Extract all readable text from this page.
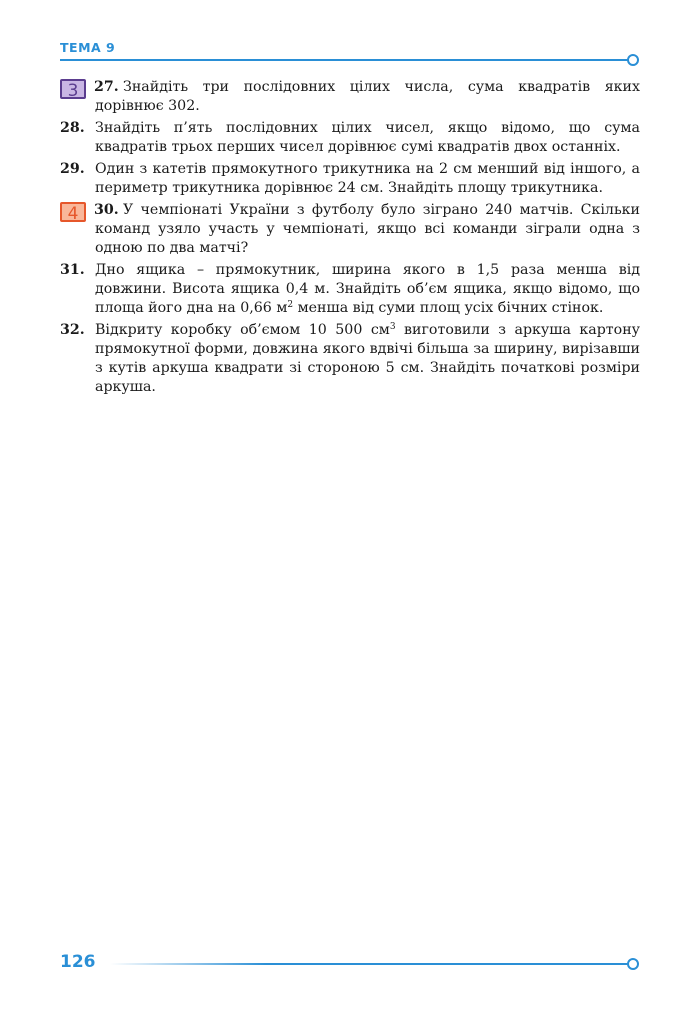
ТЕМА 9
3	27. Знайдіть три послідовних цілих числа, сума квадратів яких дорівнює 302.
28. Знайдіть п’ять послідовних цілих чисел, якщо відомо, що сума квадратів трьох перших чисел дорівнює сумі квадратів двох останніх.
29. Один з катетів прямокутного трикутника на 2 см менший від іншого, а периметр трикутника дорівнює 24 см. Знайдіть площу трикутника.
4	30. У чемпіонаті України з футболу було зіграно 240 матчів. Скільки команд узяло участь у чемпіонаті, якщо всі команди зіграли одна з одною по два матчі?
31. Дно ящика – прямокутник, ширина якого в 1,5 раза менша від довжини. Висота ящика 0,4 м. Знайдіть об’єм ящика, якщо відомо, що площа його дна на 0,66 $м^2$ менша від суми площ усіх бічних стінок.
32. Відкриту коробку об’ємом 10 500 $см^3$ виготовили з аркуша картону прямокутної форми, довжина якого вдвічі більша за ширину, вирізавши з кутів аркуша квадрати зі стороною 5 см. Знайдіть початкові розміри аркуша.
126
